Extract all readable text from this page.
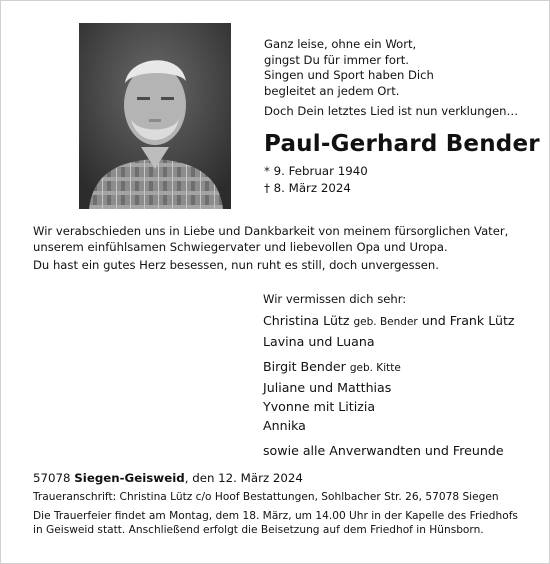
Ganz leise, ohne ein Wort,
gingst Du für immer fort.
Singen und Sport haben Dich
begleitet an jedem Ort.
Doch Dein letztes Lied ist nun verklungen…
Paul-Gerhard Bender
* 9. Februar 1940
† 8. März 2024
Wir verabschieden uns in Liebe und Dankbarkeit von meinem fürsorglichen Vater, unserem einfühlsamen Schwiegervater und liebevollen Opa und Uropa.
Du hast ein gutes Herz besessen, nun ruht es still, doch unvergessen.
Wir vermissen dich sehr:
Christina Lütz geb. Bender und Frank Lütz
Lavina und Luana
Birgit Bender geb. Kitte
Juliane und Matthias
Yvonne mit Litizia
Annika
sowie alle Anverwandten und Freunde
57078 Siegen-Geisweid, den 12. März 2024
Traueranschrift: Christina Lütz c/o Hoof Bestattungen, Sohlbacher Str. 26, 57078 Siegen
Die Trauerfeier findet am Montag, dem 18. März, um 14.00 Uhr in der Kapelle des Friedhofs
in Geisweid statt. Anschließend erfolgt die Beisetzung auf dem Friedhof in Hünsborn.
